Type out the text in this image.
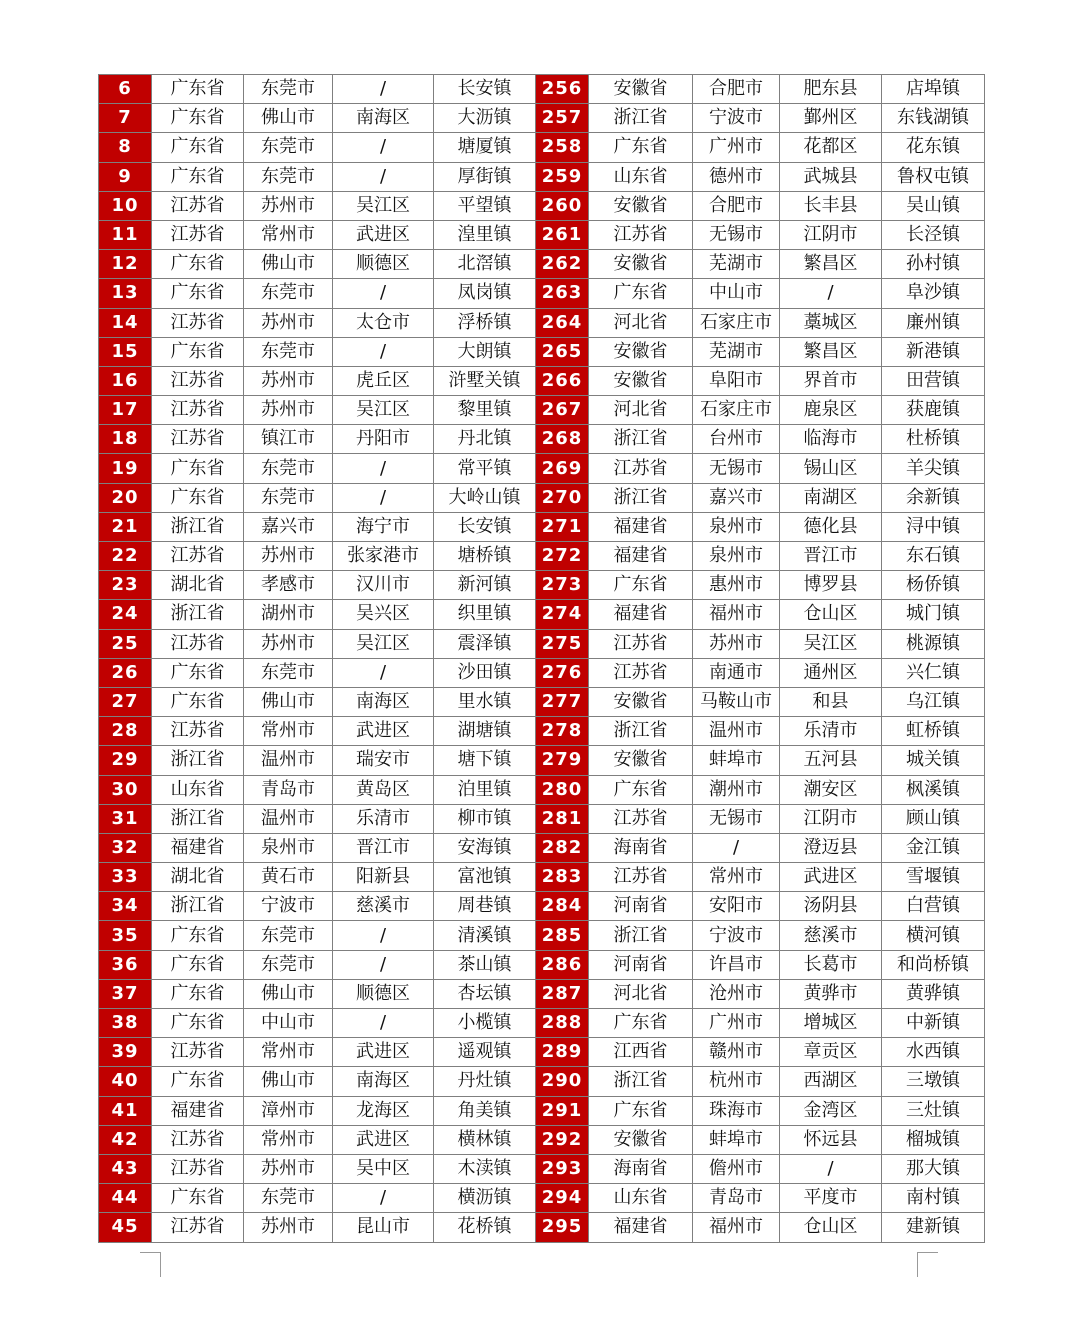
6	广东省	东莞市	/	长安镇	256	安徽省	合肥市	肥东县	店埠镇
7	广东省	佛山市	南海区	大沥镇	257	浙江省	宁波市	鄞州区	东钱湖镇
8	广东省	东莞市	/	塘厦镇	258	广东省	广州市	花都区	花东镇
9	广东省	东莞市	/	厚街镇	259	山东省	德州市	武城县	鲁权屯镇
10	江苏省	苏州市	吴江区	平望镇	260	安徽省	合肥市	长丰县	吴山镇
11	江苏省	常州市	武进区	湟里镇	261	江苏省	无锡市	江阴市	长泾镇
12	广东省	佛山市	顺德区	北滘镇	262	安徽省	芜湖市	繁昌区	孙村镇
13	广东省	东莞市	/	凤岗镇	263	广东省	中山市	/	阜沙镇
14	江苏省	苏州市	太仓市	浮桥镇	264	河北省	石家庄市	藁城区	廉州镇
15	广东省	东莞市	/	大朗镇	265	安徽省	芜湖市	繁昌区	新港镇
16	江苏省	苏州市	虎丘区	浒墅关镇	266	安徽省	阜阳市	界首市	田营镇
17	江苏省	苏州市	吴江区	黎里镇	267	河北省	石家庄市	鹿泉区	获鹿镇
18	江苏省	镇江市	丹阳市	丹北镇	268	浙江省	台州市	临海市	杜桥镇
19	广东省	东莞市	/	常平镇	269	江苏省	无锡市	锡山区	羊尖镇
20	广东省	东莞市	/	大岭山镇	270	浙江省	嘉兴市	南湖区	余新镇
21	浙江省	嘉兴市	海宁市	长安镇	271	福建省	泉州市	德化县	浔中镇
22	江苏省	苏州市	张家港市	塘桥镇	272	福建省	泉州市	晋江市	东石镇
23	湖北省	孝感市	汉川市	新河镇	273	广东省	惠州市	博罗县	杨侨镇
24	浙江省	湖州市	吴兴区	织里镇	274	福建省	福州市	仓山区	城门镇
25	江苏省	苏州市	吴江区	震泽镇	275	江苏省	苏州市	吴江区	桃源镇
26	广东省	东莞市	/	沙田镇	276	江苏省	南通市	通州区	兴仁镇
27	广东省	佛山市	南海区	里水镇	277	安徽省	马鞍山市	和县	乌江镇
28	江苏省	常州市	武进区	湖塘镇	278	浙江省	温州市	乐清市	虹桥镇
29	浙江省	温州市	瑞安市	塘下镇	279	安徽省	蚌埠市	五河县	城关镇
30	山东省	青岛市	黄岛区	泊里镇	280	广东省	潮州市	潮安区	枫溪镇
31	浙江省	温州市	乐清市	柳市镇	281	江苏省	无锡市	江阴市	顾山镇
32	福建省	泉州市	晋江市	安海镇	282	海南省	/	澄迈县	金江镇
33	湖北省	黄石市	阳新县	富池镇	283	江苏省	常州市	武进区	雪堰镇
34	浙江省	宁波市	慈溪市	周巷镇	284	河南省	安阳市	汤阴县	白营镇
35	广东省	东莞市	/	清溪镇	285	浙江省	宁波市	慈溪市	横河镇
36	广东省	东莞市	/	茶山镇	286	河南省	许昌市	长葛市	和尚桥镇
37	广东省	佛山市	顺德区	杏坛镇	287	河北省	沧州市	黄骅市	黄骅镇
38	广东省	中山市	/	小榄镇	288	广东省	广州市	增城区	中新镇
39	江苏省	常州市	武进区	遥观镇	289	江西省	赣州市	章贡区	水西镇
40	广东省	佛山市	南海区	丹灶镇	290	浙江省	杭州市	西湖区	三墩镇
41	福建省	漳州市	龙海区	角美镇	291	广东省	珠海市	金湾区	三灶镇
42	江苏省	常州市	武进区	横林镇	292	安徽省	蚌埠市	怀远县	榴城镇
43	江苏省	苏州市	吴中区	木渎镇	293	海南省	儋州市	/	那大镇
44	广东省	东莞市	/	横沥镇	294	山东省	青岛市	平度市	南村镇
45	江苏省	苏州市	昆山市	花桥镇	295	福建省	福州市	仓山区	建新镇
